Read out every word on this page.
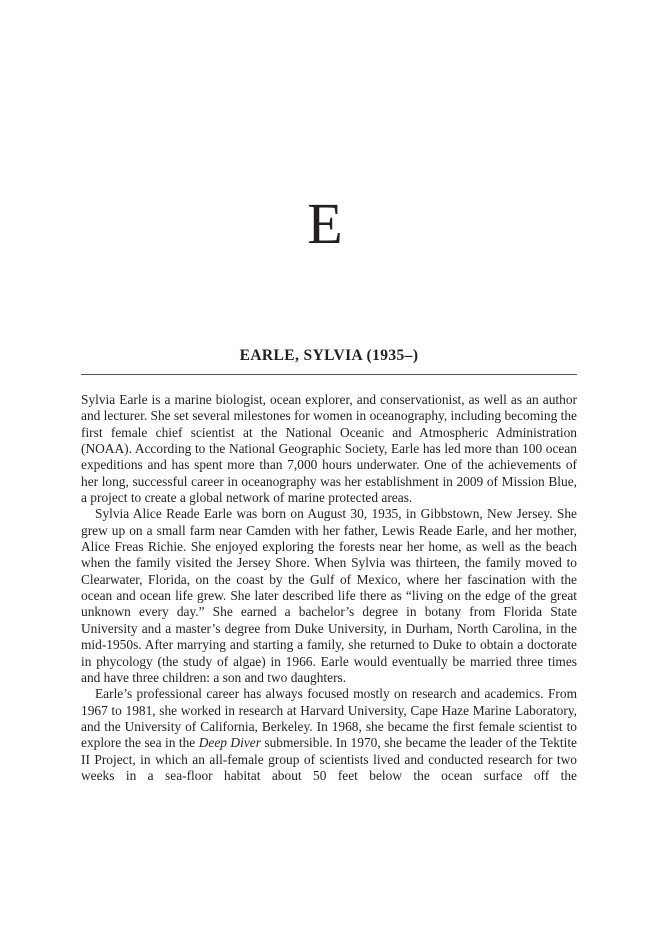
E
EARLE, SYLVIA (1935–)

Sylvia Earle is a marine biologist, ocean explorer, and conservationist, as well as an author and lecturer. She set several milestones for women in oceanography, including becoming the first female chief scientist at the National Oceanic and Atmospheric Administration (NOAA). According to the National Geographic Society, Earle has led more than 100 ocean expeditions and has spent more than 7,000 hours underwater. One of the achievements of her long, successful career in oceanography was her establishment in 2009 of Mission Blue, a project to create a global network of marine protected areas.

Sylvia Alice Reade Earle was born on August 30, 1935, in Gibbstown, New Jersey. She grew up on a small farm near Camden with her father, Lewis Reade Earle, and her mother, Alice Freas Richie. She enjoyed exploring the forests near her home, as well as the beach when the family visited the Jersey Shore. When Sylvia was thirteen, the family moved to Clearwater, Florida, on the coast by the Gulf of Mexico, where her fascination with the ocean and ocean life grew. She later described life there as “living on the edge of the great unknown every day.” She earned a bachelor’s degree in botany from Florida State University and a master’s degree from Duke University, in Durham, North Carolina, in the mid-1950s. After marrying and starting a family, she returned to Duke to obtain a doctorate in phycology (the study of algae) in 1966. Earle would eventually be married three times and have three children: a son and two daughters.

Earle’s professional career has always focused mostly on research and academics. From 1967 to 1981, she worked in research at Harvard University, Cape Haze Marine Laboratory, and the University of California, Berkeley. In 1968, she became the first female scientist to explore the sea in the Deep Diver submersible. In 1970, she became the leader of the Tektite II Project, in which an all-female group of scientists lived and conducted research for two weeks in a sea-floor habitat about 50 feet below the ocean surface off the
